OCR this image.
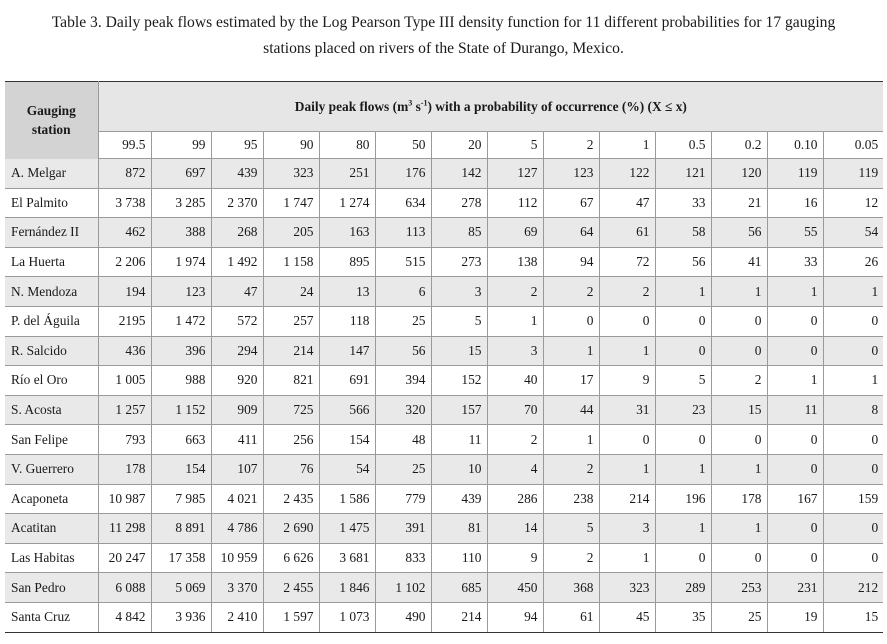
Table 3. Daily peak flows estimated by the Log Pearson Type III density function for 11 different probabilities for 17 gauging
stations placed on rivers of the State of Durango, Mexico.
Gauging station	Daily peak flows ($m^3$ $s^{-1}$) with a probability of occurrence (%) (X ≤ x)													
	99.5	99	95	90	80	50	20	5	2	1	0.5	0.2	0.10	0.05
A. Melgar	872	697	439	323	251	176	142	127	123	122	121	120	119	119
El Palmito	3 738	3 285	2 370	1 747	1 274	634	278	112	67	47	33	21	16	12
Fernández II	462	388	268	205	163	113	85	69	64	61	58	56	55	54
La Huerta	2 206	1 974	1 492	1 158	895	515	273	138	94	72	56	41	33	26
N. Mendoza	194	123	47	24	13	6	3	2	2	2	1	1	1	1
P. del Águila	2195	1 472	572	257	118	25	5	1	0	0	0	0	0	0
R. Salcido	436	396	294	214	147	56	15	3	1	1	0	0	0	0
Río el Oro	1 005	988	920	821	691	394	152	40	17	9	5	2	1	1
S. Acosta	1 257	1 152	909	725	566	320	157	70	44	31	23	15	11	8
San Felipe	793	663	411	256	154	48	11	2	1	0	0	0	0	0
V. Guerrero	178	154	107	76	54	25	10	4	2	1	1	1	0	0
Acaponeta	10 987	7 985	4 021	2 435	1 586	779	439	286	238	214	196	178	167	159
Acatitan	11 298	8 891	4 786	2 690	1 475	391	81	14	5	3	1	1	0	0
Las Habitas	20 247	17 358	10 959	6 626	3 681	833	110	9	2	1	0	0	0	0
San Pedro	6 088	5 069	3 370	2 455	1 846	1 102	685	450	368	323	289	253	231	212
Santa Cruz	4 842	3 936	2 410	1 597	1 073	490	214	94	61	45	35	25	19	15
